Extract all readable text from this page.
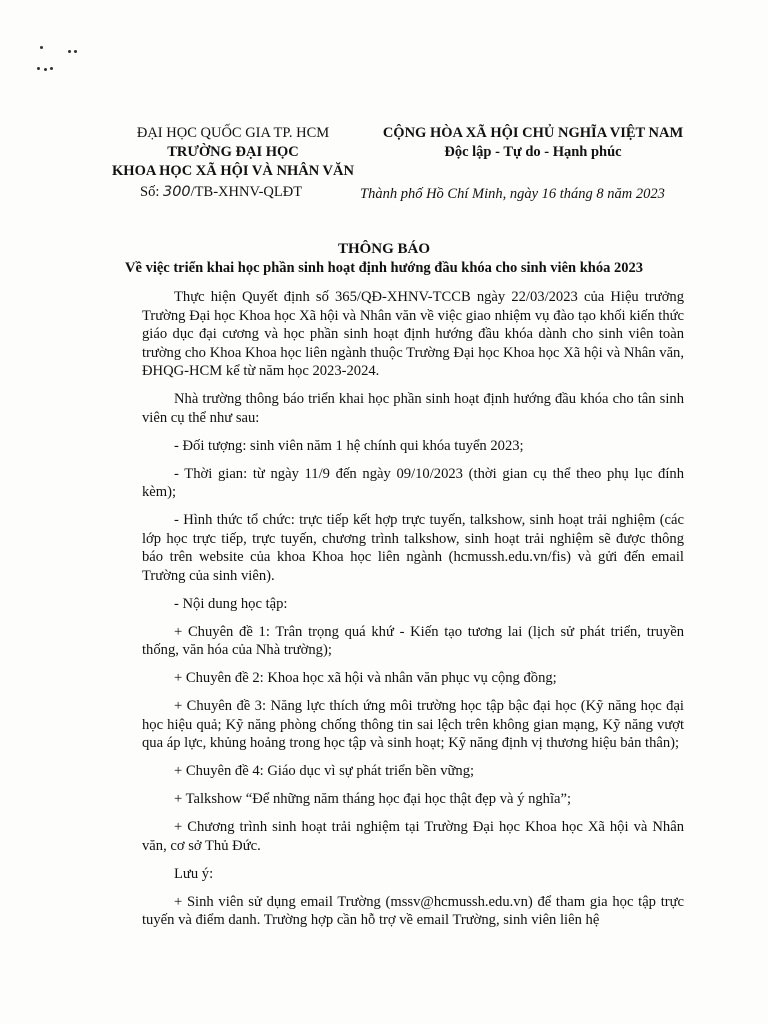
ĐẠI HỌC QUỐC GIA TP. HCM
TRƯỜNG ĐẠI HỌC
KHOA HỌC XÃ HỘI VÀ NHÂN VĂN
CỘNG HÒA XÃ HỘI CHỦ NGHĨA VIỆT NAM
Độc lập - Tự do - Hạnh phúc
Số: 300/TB-XHNV-QLĐT	Thành phố Hồ Chí Minh, ngày 16 tháng 8 năm 2023
THÔNG BÁO
Về việc triển khai học phần sinh hoạt định hướng đầu khóa cho sinh viên khóa 2023

Thực hiện Quyết định số 365/QĐ-XHNV-TCCB ngày 22/03/2023 của Hiệu trưởng Trường Đại học Khoa học Xã hội và Nhân văn về việc giao nhiệm vụ đào tạo khối kiến thức giáo dục đại cương và học phần sinh hoạt định hướng đầu khóa dành cho sinh viên toàn trường cho Khoa Khoa học liên ngành thuộc Trường Đại học Khoa học Xã hội và Nhân văn, ĐHQG-HCM kể từ năm học 2023-2024.

Nhà trường thông báo triển khai học phần sinh hoạt định hướng đầu khóa cho tân sinh viên cụ thể như sau:

- Đối tượng: sinh viên năm 1 hệ chính qui khóa tuyển 2023;

- Thời gian: từ ngày 11/9 đến ngày 09/10/2023 (thời gian cụ thể theo phụ lục đính kèm);

- Hình thức tổ chức: trực tiếp kết hợp trực tuyến, talkshow, sinh hoạt trải nghiệm (các lớp học trực tiếp, trực tuyến, chương trình talkshow, sinh hoạt trải nghiệm sẽ được thông báo trên website của khoa Khoa học liên ngành (hcmussh.edu.vn/fis) và gửi đến email Trường của sinh viên).

- Nội dung học tập:

+ Chuyên đề 1: Trân trọng quá khứ - Kiến tạo tương lai (lịch sử phát triển, truyền thống, văn hóa của Nhà trường);

+ Chuyên đề 2: Khoa học xã hội và nhân văn phục vụ cộng đồng;

+ Chuyên đề 3: Năng lực thích ứng môi trường học tập bậc đại học (Kỹ năng học đại học hiệu quả; Kỹ năng phòng chống thông tin sai lệch trên không gian mạng, Kỹ năng vượt qua áp lực, khủng hoảng trong học tập và sinh hoạt; Kỹ năng định vị thương hiệu bản thân);

+ Chuyên đề 4: Giáo dục vì sự phát triển bền vững;

+ Talkshow “Để những năm tháng học đại học thật đẹp và ý nghĩa”;

+ Chương trình sinh hoạt trải nghiệm tại Trường Đại học Khoa học Xã hội và Nhân văn, cơ sở Thủ Đức.

Lưu ý:

+ Sinh viên sử dụng email Trường (mssv@hcmussh.edu.vn) để tham gia học tập trực tuyến và điểm danh. Trường hợp cần hỗ trợ về email Trường, sinh viên liên hệ
